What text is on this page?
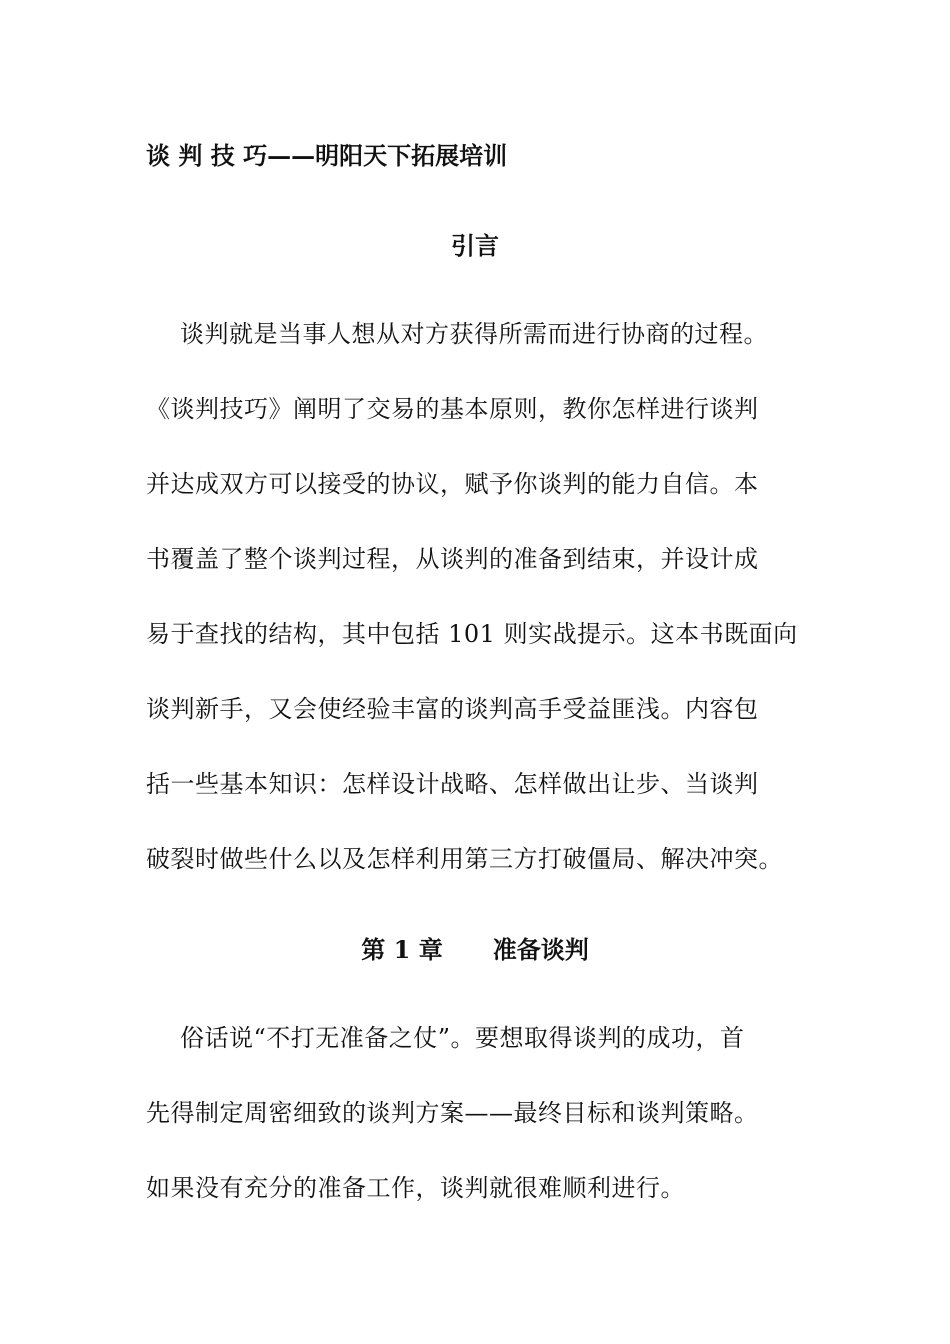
谈 判 技 巧——明阳天下拓展培训
引言
谈判就是当事人想从对方获得所需而进行协商的过程。
《谈判技巧》阐明了交易的基本原则，教你怎样进行谈判
并达成双方可以接受的协议，赋予你谈判的能力自信。本
书覆盖了整个谈判过程，从谈判的准备到结束，并设计成
易于查找的结构，其中包括 101 则实战提示。这本书既面向
谈判新手，又会使经验丰富的谈判高手受益匪浅。内容包
括一些基本知识：怎样设计战略、怎样做出让步、当谈判
破裂时做些什么以及怎样利用第三方打破僵局、解决冲突。
第 1 章 准备谈判
俗话说“不打无准备之仗”。要想取得谈判的成功，首
先得制定周密细致的谈判方案——最终目标和谈判策略。
如果没有充分的准备工作，谈判就很难顺利进行。
